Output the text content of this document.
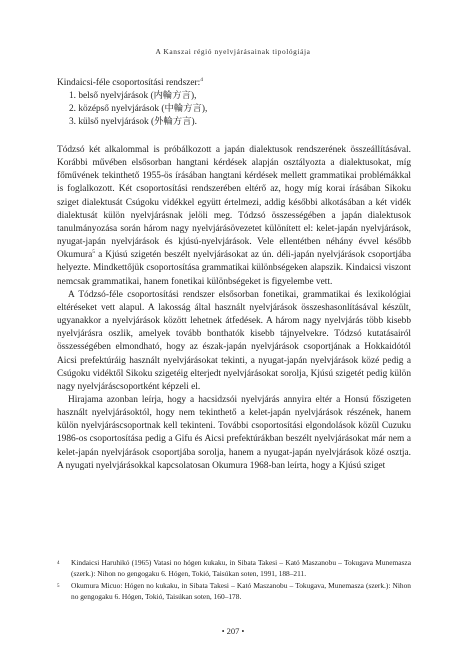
A Kanszai régió nyelvjárásainak tipológiája
Kindaicsi-féle csoportosítási rendszer:$^4$
1. belső nyelvjárások (内輪方言),
2. középső nyelvjárások (中輪方言),
3. külső nyelvjárások (外輪方言).

Tódzsó két alkalommal is próbálkozott a japán dialektusok rendszerének összeállításával. Korábbi művében elsősorban hangtani kérdések alapján osztályozta a dialektusokat, míg főművének tekinthető 1955-ös írásában hangtani kérdések mellett grammatikai problémákkal is foglalkozott. Két csoportosítási rendszerében eltérő az, hogy míg korai írásában Sikoku sziget dialektusát Csúgoku vidékkel együtt értelmezi, addig későbbi alkotásában a két vidék dialektusát külön nyelvjárásnak jelöli meg. Tódzsó összességében a japán dialektusok tanulmányozása során három nagy nyelvjárásövezetet különített el: kelet-japán nyelvjárások, nyugat-japán nyelvjárások és kjúsú-nyelvjárások. Vele ellentétben néhány évvel később Okumura$^5$ a Kjúsú szigetén beszélt nyelvjárásokat az ún. déli-japán nyelvjárások csoportjába helyezte. Mindkettőjük csoportosítása grammatikai különbségeken alapszik. Kindaicsi viszont nemcsak grammatikai, hanem fonetikai különbségeket is figyelembe vett.

A Tódzsó-féle csoportosítási rendszer elsősorban fonetikai, grammatikai és lexikológiai eltéréseket vett alapul. A lakosság által használt nyelvjárások összeshasonlításával készült, ugyanakkor a nyelvjárások között lehetnek átfedések. A három nagy nyelvjárás több kisebb nyelvjárásra oszlik, amelyek tovább bonthatók kisebb tájnyelvekre. Tódzsó kutatásairól összességében elmondható, hogy az észak-japán nyelvjárások csoportjának a Hokkaidótól Aicsi prefektúráig használt nyelvjárásokat tekinti, a nyugat-japán nyelvjárások közé pedig a Csúgoku vidéktől Sikoku szigetéig elterjedt nyelvjárásokat sorolja, Kjúsú szigetét pedig külön nagy nyelvjáráscsoportként képzeli el.

Hirajama azonban leírja, hogy a hacsidzsói nyelvjárás annyira eltér a Honsú főszigeten használt nyelvjárásoktól, hogy nem tekinthető a kelet-japán nyelvjárások részének, hanem külön nyelvjáráscsoportnak kell tekinteni. További csoportosítási elgondolások közül Cuzuku 1986-os csoportosítása pedig a Gifu és Aicsi prefektúrákban beszélt nyelvjárásokat már nem a kelet-japán nyelvjárások csoportjába sorolja, hanem a nyugat-japán nyelvjárások közé osztja. A nyugati nyelvjárásokkal kapcsolatosan Okumura 1968-ban leírta, hogy a Kjúsú sziget

4	Kindaicsi Haruhikó (1965) Vatasi no hógen kukaku, in Sibata Takesi – Kató Maszanobu – Tokugava Munemasza (szerk.): Nihon no gengogaku 6. Hógen, Tokió, Taisúkan soten, 1991, 188–211.
5	Okumura Micuo: Hógen no kukaku, in Sibata Takesi – Kató Maszanobu – Tokugava, Munemasza (szerk.): Nihon no gengogaku 6. Hógen, Tokió, Taisúkan soten, 160–178.
• 207 •
